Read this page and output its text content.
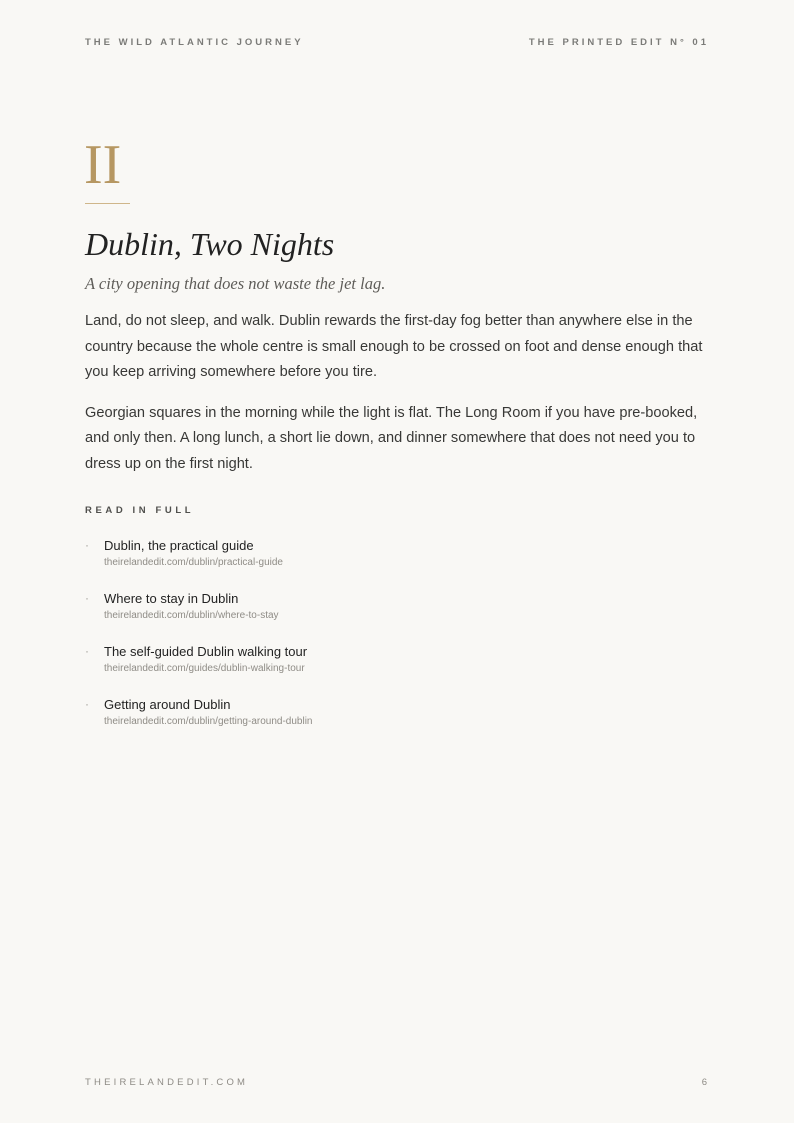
THE WILD ATLANTIC JOURNEY	THE PRINTED EDIT N° 01
II
Dublin, Two Nights
A city opening that does not waste the jet lag.

Land, do not sleep, and walk. Dublin rewards the first-day fog better than anywhere else in the country because the whole centre is small enough to be crossed on foot and dense enough that you keep arriving somewhere before you tire.

Georgian squares in the morning while the light is flat. The Long Room if you have pre-booked, and only then. A long lunch, a short lie down, and dinner somewhere that does not need you to dress up on the first night.

READ IN FULL
· Dublin, the practical guide
theirelandedit.com/dublin/practical-guide
· Where to stay in Dublin
theirelandedit.com/dublin/where-to-stay
· The self-guided Dublin walking tour
theirelandedit.com/guides/dublin-walking-tour
· Getting around Dublin
theirelandedit.com/dublin/getting-around-dublin
THEIRELANDEDIT.COM	6
